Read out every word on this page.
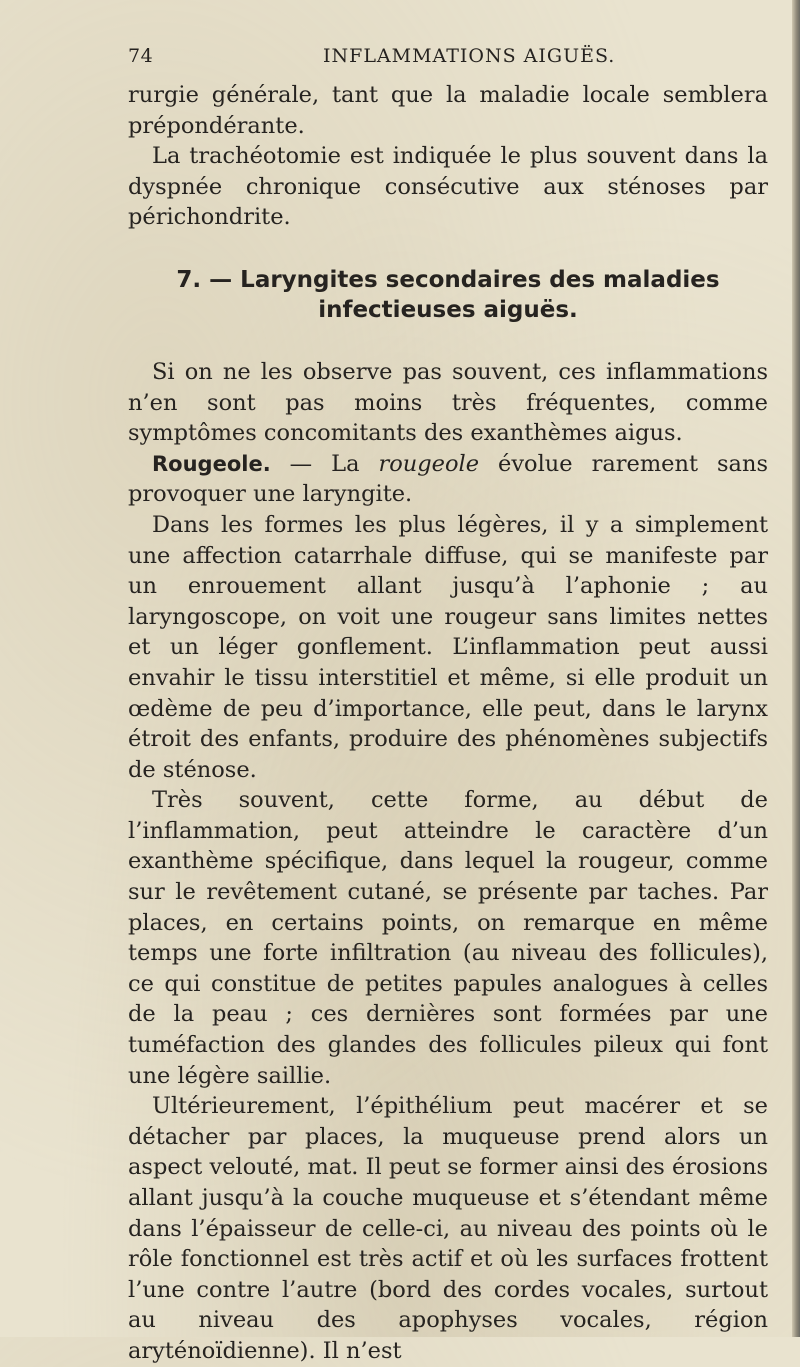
74	INFLAMMATIONS AIGUËS.

rurgie générale, tant que la maladie locale semblera prépondérante.

La trachéotomie est indiquée le plus souvent dans la dyspnée chronique consécutive aux sténoses par périchondrite.

7. — Laryngites secondaires des maladies
infectieuses aiguës.

Si on ne les observe pas souvent, ces inflammations n’en sont pas moins très fréquentes, comme symptômes concomitants des exanthèmes aigus.

Rougeole. — La rougeole évolue rarement sans provoquer une laryngite.

Dans les formes les plus légères, il y a simplement une affection catarrhale diffuse, qui se manifeste par un enrouement allant jusqu’à l’aphonie ; au laryngoscope, on voit une rougeur sans limites nettes et un léger gonflement. L’inflammation peut aussi envahir le tissu interstitiel et même, si elle produit un œdème de peu d’importance, elle peut, dans le larynx étroit des enfants, produire des phénomènes subjectifs de sténose.

Très souvent, cette forme, au début de l’inflammation, peut atteindre le caractère d’un exanthème spécifique, dans lequel la rougeur, comme sur le revêtement cutané, se présente par taches. Par places, en certains points, on remarque en même temps une forte infiltration (au niveau des follicules), ce qui constitue de petites papules analogues à celles de la peau ; ces dernières sont formées par une tuméfaction des glandes des follicules pileux qui font une légère saillie.

Ultérieurement, l’épithélium peut macérer et se détacher par places, la muqueuse prend alors un aspect velouté, mat. Il peut se former ainsi des érosions allant jusqu’à la couche muqueuse et s’étendant même dans l’épaisseur de celle-ci, au niveau des points où le rôle fonctionnel est très actif et où les surfaces frottent l’une contre l’autre (bord des cordes vocales, surtout au niveau des apophyses vocales, région aryténoïdienne). Il n’est
